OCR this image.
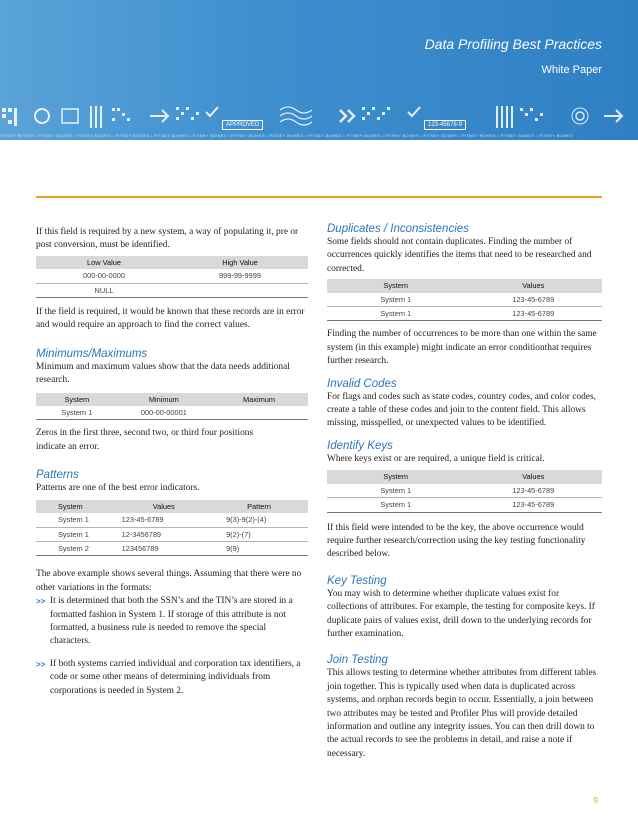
Data Profiling Best Practices
White Paper
APPROVED	123-45678-9
PITNEY BOWES • PITNEY BOWES • PITNEY BOWES • PITNEY BOWES • PITNEY BOWES • PITNEY BOWES • PITNEY BOWES • PITNEY BOWES • PITNEY BOWES • PITNEY BOWES • PITNEY BOWES • PITNEY BOWES • PITNEY BOWES • PITNEY BOWES • PITNEY BOWES

If this field is required by a new system, a way of populating it, pre or post conversion, must be identified.

Low Value	High Value
000-00-0000	999-99-9999
NULL	

If the field is required, it would be known that these records are in error and would require an approach to find the correct values.

Minimums/Maximums

Minimum and maximum values show that the data needs additional research.

System	Minimum	Maximum
System 1	000-00-00001	

Zeros in the first three, second two, or third four positions indicate an error.

Patterns

Patterns are one of the best error indicators.

System	Values	Pattern
System 1	123-45-6789	9(3)-9(2)-(4)
System 1	12-3456789	9(2)-(7)
System 2	123456789	9(9)

The above example shows several things. Assuming that there were no other variations in the formats:

>> It is determined that both the SSN’s and the TIN’s are stored in a formatted fashion in System 1. If storage of this attribute is not formatted, a business rule is needed to remove the special characters.

>> If both systems carried individual and corporation tax identifiers, a code or some other means of determining individuals from corporations is needed in System 2.

Duplicates / Inconsistencies

Some fields should not contain duplicates. Finding the number of occurrences quickly identifies the items that need to be researched and corrected.

System	Values
System 1	123-45-6789
System 1	123-45-6789

Finding the number of occurrences to be more than one within the same system (in this example) might indicate an error conditionthat requires further research.

Invalid Codes

For flags and codes such as state codes, country codes, and color codes, create a table of these codes and join to the content field. This allows missing, misspelled, or unexpected values to be identified.

Identify Keys

Where keys exist or are required, a unique field is critical.

System	Values
System 1	123-45-6789
System 1	123-45-6789

If this field were intended to be the key, the above occurrence would require further research/correction using the key testing functionality described below.

Key Testing

You may wish to determine whether duplicate values exist for collections of attributes. For example, the testing for composite keys. If duplicate pairs of values exist, drill down to the underlying records for further examination.

Join Testing

This allows testing to determine whether attributes from different tables join together. This is typically used when data is duplicated across systems, and orphan records begin to occur. Essentially, a join between two attributes may be tested and Profiler Plus will provide detailed information and outline any integrity issues. You can then drill down to the actual records to see the problems in detail, and raise a note if necessary.

9
